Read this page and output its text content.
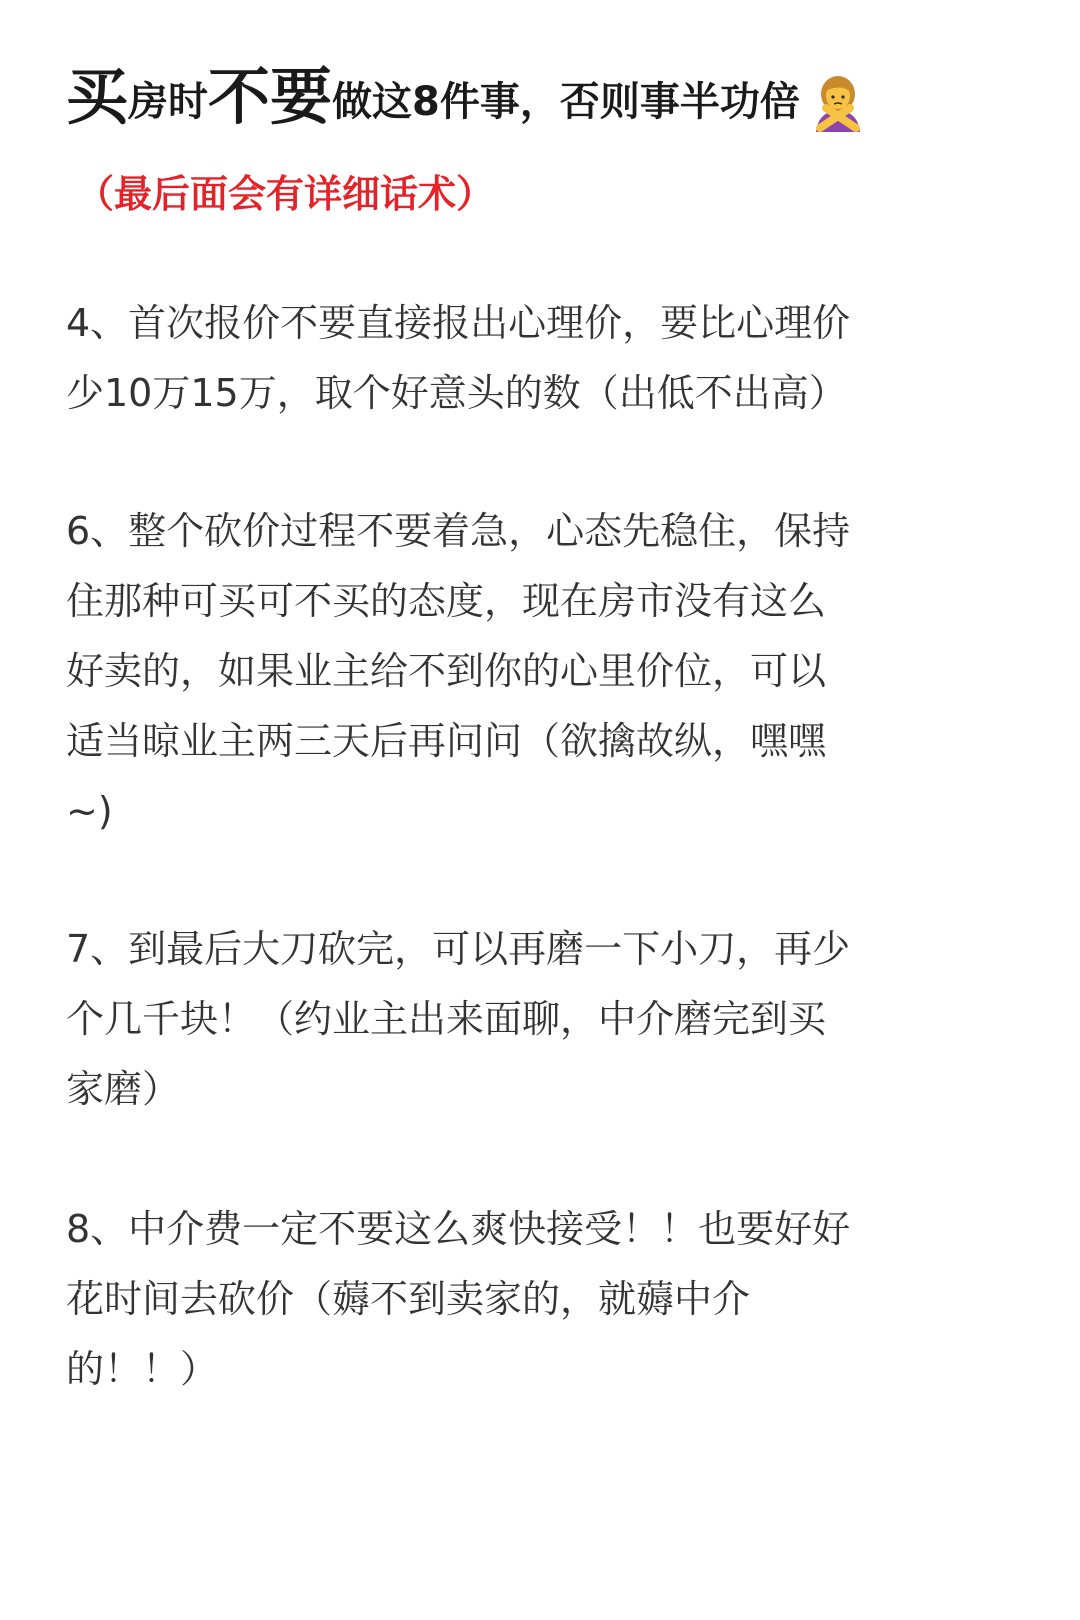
买 房时 不要 做这8件事，否则事半功倍
（最后面会有详细话术）
4、首次报价不要直接报出心理价，要比心理价
少10万15万，取个好意头的数（出低不出高）
6、整个砍价过程不要着急，心态先稳住，保持
住那种可买可不买的态度，现在房市没有这么
好卖的，如果业主给不到你的心里价位，可以
适当晾业主两三天后再问问（欲擒故纵，嘿嘿
~)
7、到最后大刀砍完，可以再磨一下小刀，再少
个几千块！（约业主出来面聊，中介磨完到买
家磨）
8、中介费一定不要这么爽快接受！！也要好好
花时间去砍价（薅不到卖家的，就薅中介
的！！）
